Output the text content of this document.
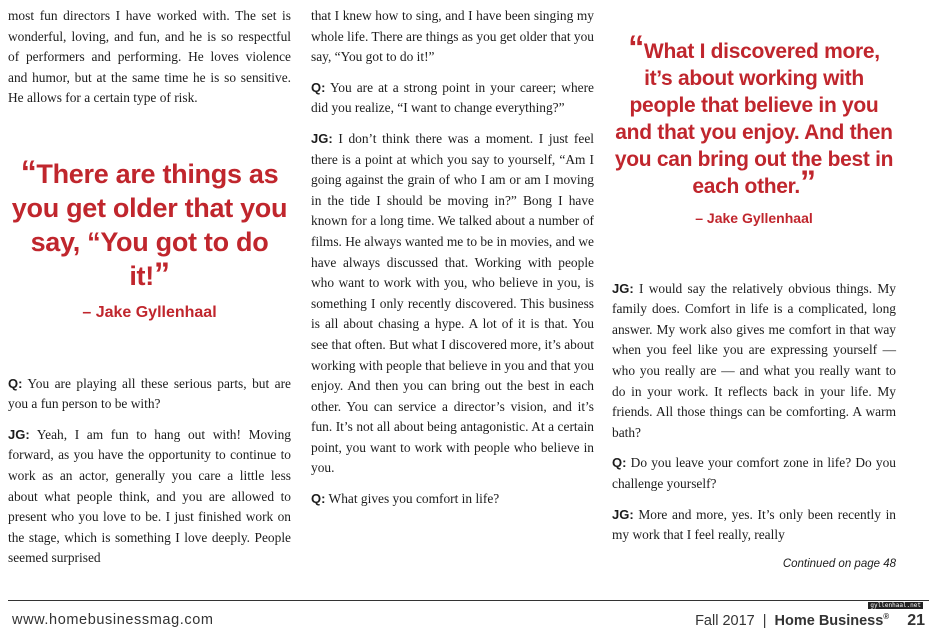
most fun directors I have worked with. The set is wonderful, loving, and fun, and he is so respectful of performers and performing. He loves violence and humor, but at the same time he is so sensitive. He allows for a certain type of risk.

“There are things as you get older that you say, “You got to do it!”
– Jake Gyllenhaal

Q: You are playing all these serious parts, but are you a fun person to be with?

JG: Yeah, I am fun to hang out with! Moving forward, as you have the opportunity to continue to work as an actor, generally you care a little less about what people think, and you are allowed to present who you love to be. I just finished work on the stage, which is something I love deeply. People seemed surprised

that I knew how to sing, and I have been singing my whole life. There are things as you get older that you say, “You got to do it!”

Q: You are at a strong point in your career; where did you realize, “I want to change everything?”

JG: I don’t think there was a moment. I just feel there is a point at which you say to yourself, “Am I going against the grain of who I am or am I moving in the tide I should be moving in?” Bong I have known for a long time. We talked about a number of films. He always wanted me to be in movies, and we have always discussed that. Working with people who want to work with you, who believe in you, is something I only recently discovered. This business is all about chasing a hype. A lot of it is that. You see that often. But what I discovered more, it’s about working with people that believe in you and that you enjoy. And then you can bring out the best in each other. You can service a director’s vision, and it’s fun. It’s not all about being antagonistic. At a certain point, you want to work with people who believe in you.

Q: What gives you comfort in life?

“What I discovered more, it’s about working with people that believe in you and that you enjoy. And then you can bring out the best in each other.”
– Jake Gyllenhaal

JG: I would say the relatively obvious things. My family does. Comfort in life is a complicated, long answer. My work also gives me comfort in that way when you feel like you are expressing yourself — who you really are — and what you really want to do in your work. It reflects back in your life. My friends. All those things can be comforting. A warm bath?

Q: Do you leave your comfort zone in life? Do you challenge yourself?

JG: More and more, yes. It’s only been recently in my work that I feel really, really

Continued on page 48
gyllenhaal.net
www.homebusinessmag.com	Fall 2017 | Home Business® 21
